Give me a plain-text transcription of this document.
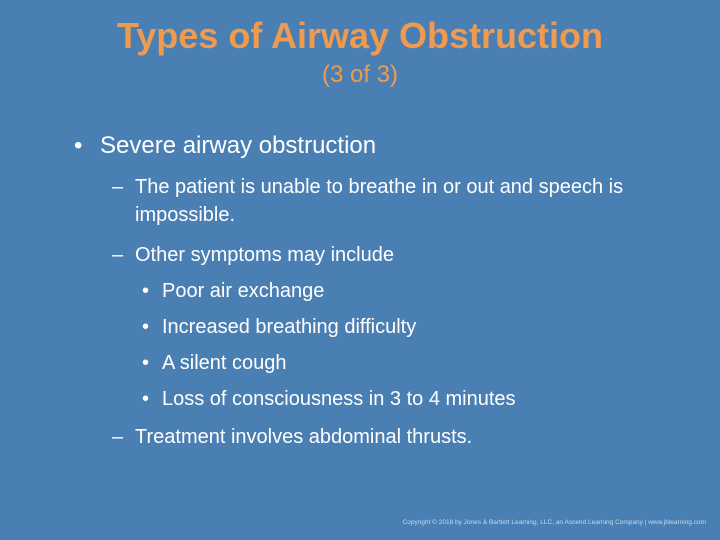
Types of Airway Obstruction
(3 of 3)
• Severe airway obstruction
– The patient is unable to breathe in or out and speech is impossible.
– Other symptoms may include
• Poor air exchange
• Increased breathing difficulty
• A silent cough
• Loss of consciousness in 3 to 4 minutes
– Treatment involves abdominal thrusts.
Copyright © 2018 by Jones & Bartlett Learning, LLC, an Ascend Learning Company | www.jblearning.com
